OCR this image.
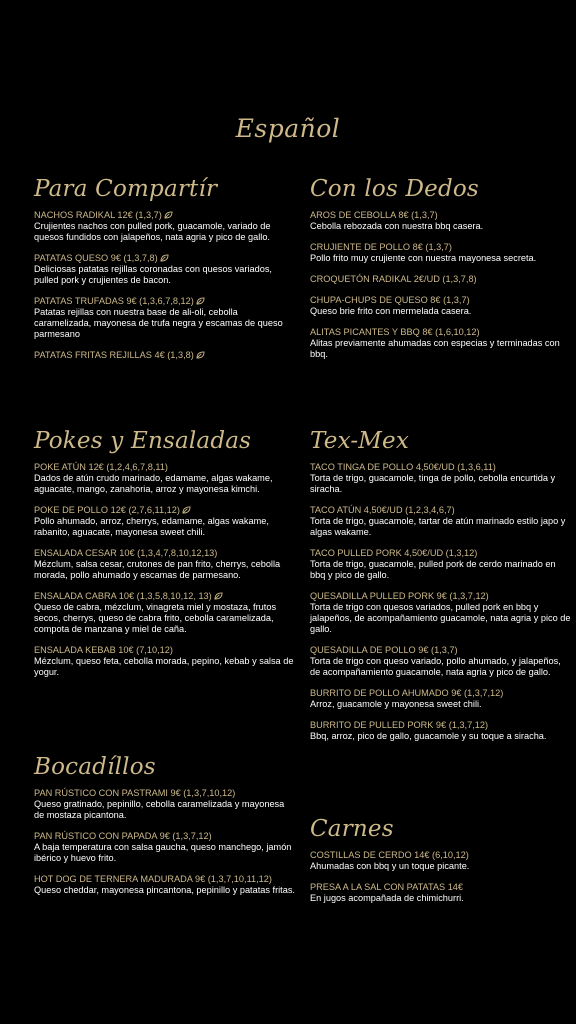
Español
Para Compartír
NACHOS RADIKAL 12€ (1,3,7)
Crujientes nachos con pulled pork, guacamole, variado de quesos fundidos con jalapeños, nata agria y pico de gallo.
PATATAS QUESO 9€ (1,3,7,8)
Deliciosas patatas rejillas coronadas con quesos variados, pulled pork y crujientes de bacon.
PATATAS TRUFADAS 9€ (1,3,6,7,8,12)
Patatas rejillas con nuestra base de ali-oli, cebolla caramelizada, mayonesa de trufa negra y escamas de queso parmesano
PATATAS FRITAS REJILLAS 4€ (1,3,8)
Con los Dedos
AROS DE CEBOLLA 8€ (1,3,7)
Cebolla rebozada con nuestra bbq casera.
CRUJIENTE DE POLLO 8€ (1,3,7)
Pollo frito muy crujiente con nuestra mayonesa secreta.
CROQUETÓN RADIKAL 2€/UD (1,3,7,8)
CHUPA-CHUPS DE QUESO 8€ (1,3,7)
Queso brie frito con mermelada casera.
ALITAS PICANTES Y BBQ 8€ (1,6,10,12)
Alitas previamente ahumadas con especias y terminadas con bbq.
Pokes y Ensaladas
POKE ATÚN 12€ (1,2,4,6,7,8,11)
Dados de atún crudo marinado, edamame, algas wakame, aguacate, mango, zanahoria, arroz y mayonesa kimchi.
POKE DE POLLO 12€ (2,7,6,11,12)
Pollo ahumado, arroz, cherrys, edamame, algas wakame, rabanito, aguacate, mayonesa sweet chili.
ENSALADA CESAR 10€ (1,3,4,7,8,10,12,13)
Mézclum, salsa cesar, crutones de pan frito, cherrys, cebolla morada, pollo ahumado y escamas de parmesano.
ENSALADA CABRA 10€ (1,3,5,8,10,12, 13)
Queso de cabra, mézclum, vinagreta miel y mostaza, frutos secos, cherrys, queso de cabra frito, cebolla caramelizada, compota de manzana y miel de caña.
ENSALADA KEBAB 10€ (7,10,12)
Mézclum, queso feta, cebolla morada, pepino, kebab y salsa de yogur.
Tex-Mex
TACO TINGA DE POLLO 4,50€/UD (1,3,6,11)
Torta de trigo, guacamole, tinga de pollo, cebolla encurtida y siracha.
TACO ATÚN 4,50€/UD (1,2,3,4,6,7)
Torta de trigo, guacamole, tartar de atún marinado estilo japo y algas wakame.
TACO PULLED PORK 4,50€/UD (1,3,12)
Torta de trigo, guacamole, pulled pork de cerdo marinado en bbq y pico de gallo.
QUESADILLA PULLED PORK 9€ (1,3,7,12)
Torta de trigo con quesos variados, pulled pork en bbq y jalapeños, de acompañamiento guacamole, nata agria y pico de gallo.
QUESADILLA DE POLLO 9€ (1,3,7)
Torta de trigo con queso variado, pollo ahumado, y jalapeños, de acompañamiento guacamole, nata agria y pico de gallo.
BURRITO DE POLLO AHUMADO 9€ (1,3,7,12)
Arroz, guacamole y mayonesa sweet chili.
BURRITO DE PULLED PORK 9€ (1,3,7,12)
Bbq, arroz, pico de gallo, guacamole y su toque a siracha.
Bocadíllos
PAN RÚSTICO CON PASTRAMI 9€ (1,3,7,10,12)
Queso gratinado, pepinillo, cebolla caramelizada y mayonesa de mostaza picantona.
PAN RÚSTICO CON PAPADA 9€ (1,3,7,12)
A baja temperatura con salsa gaucha, queso manchego, jamón ibérico y huevo frito.
HOT DOG DE TERNERA MADURADA 9€ (1,3,7,10,11,12)
Queso cheddar, mayonesa pincantona, pepinillo y patatas fritas.
Carnes
COSTILLAS DE CERDO 14€ (6,10,12)
Ahumadas con bbq y un toque picante.
PRESA A LA SAL CON PATATAS 14€
En jugos acompañada de chimichurri.
